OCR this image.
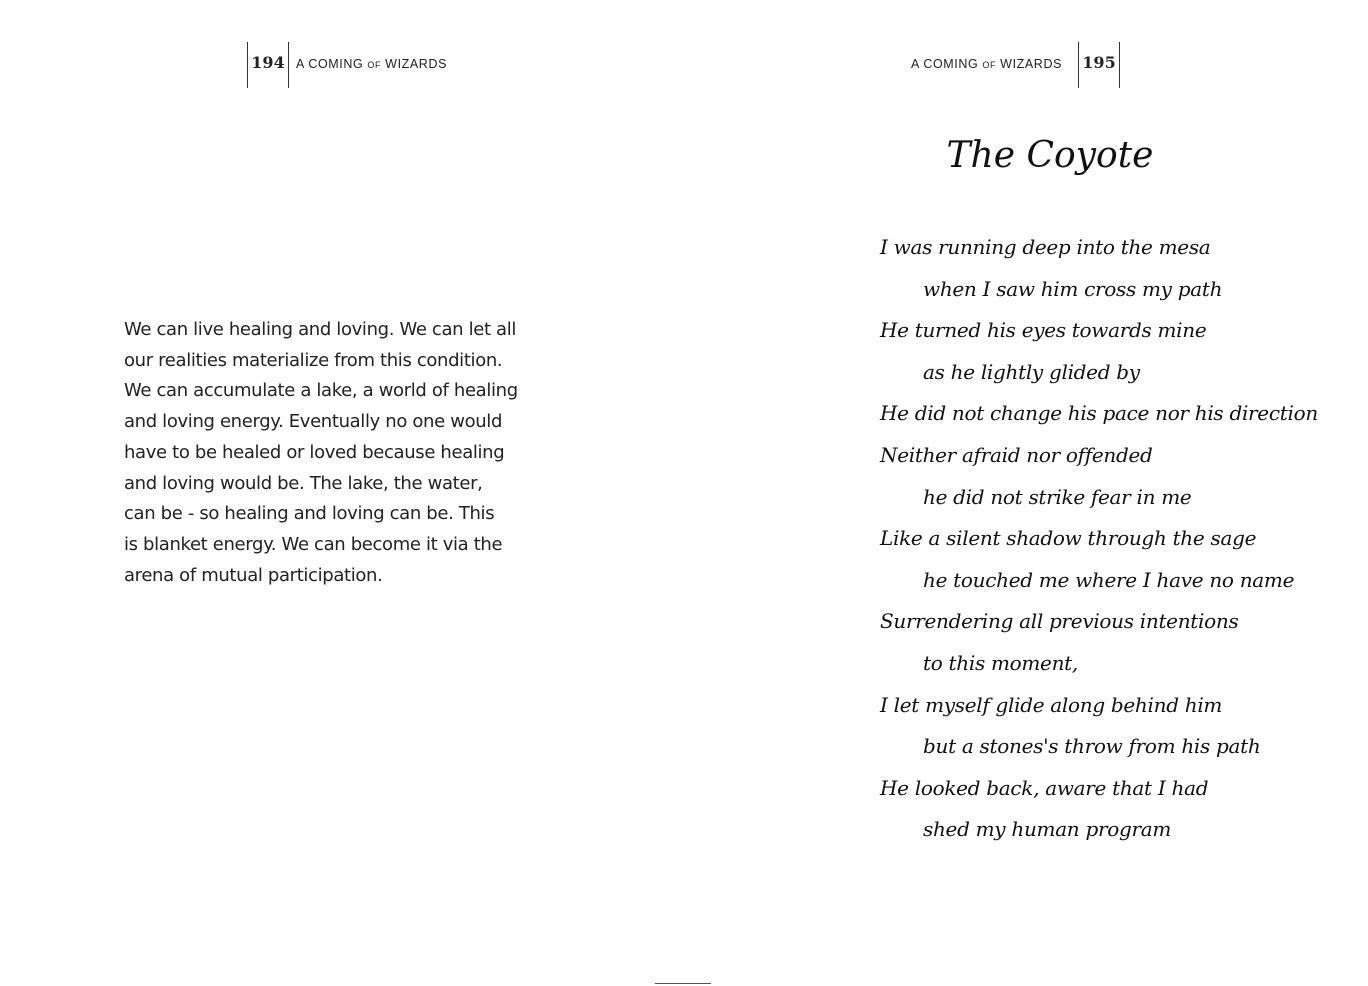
194 A COMING OF WIZARDS

We can live healing and loving. We can let all
our realities materialize from this condition.
We can accumulate a lake, a world of healing
and loving energy. Eventually no one would
have to be healed or loved because healing
and loving would be. The lake, the water,
can be - so healing and loving can be. This
is blanket energy. We can become it via the
arena of mutual participation.

A COMING OF WIZARDS 195
The Coyote
I was running deep into the mesa
when I saw him cross my path
He turned his eyes towards mine
as he lightly glided by
He did not change his pace nor his direction
Neither afraid nor offended
he did not strike fear in me
Like a silent shadow through the sage
he touched me where I have no name
Surrendering all previous intentions
to this moment,
I let myself glide along behind him
but a stones's throw from his path
He looked back, aware that I had
shed my human program
